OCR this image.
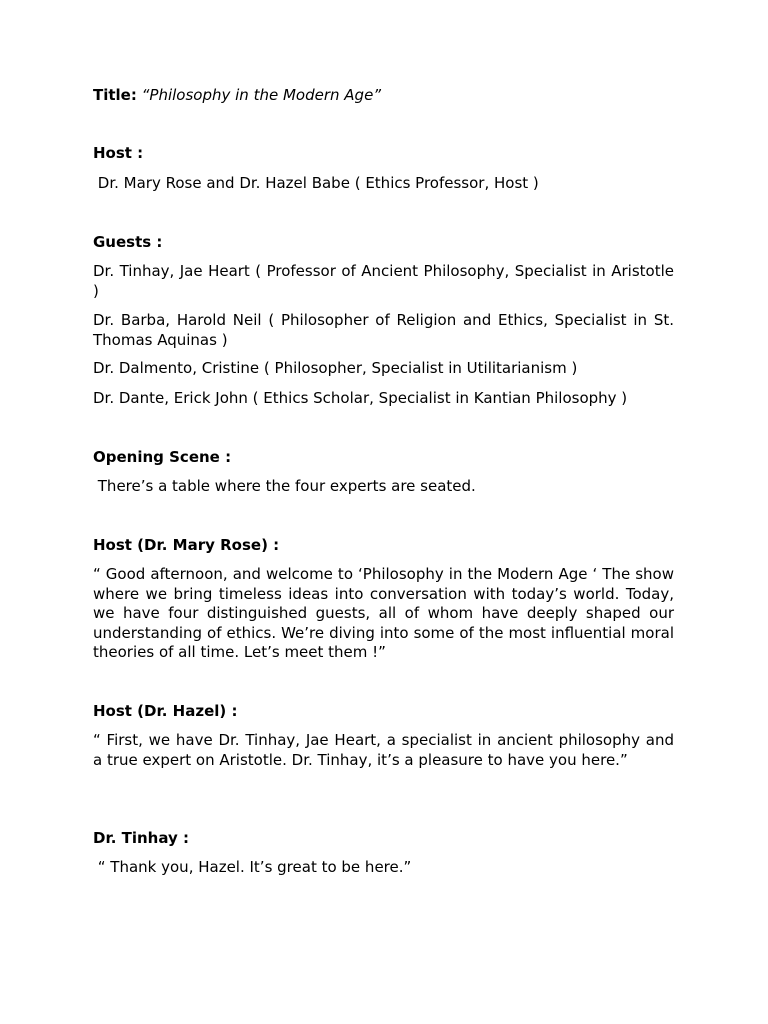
Title: “Philosophy in the Modern Age”
Host :
Dr. Mary Rose and Dr. Hazel Babe ( Ethics Professor, Host )
Guests :

Dr. Tinhay, Jae Heart ( Professor of Ancient Philosophy, Specialist in Aristotle )

Dr. Barba, Harold Neil ( Philosopher of Religion and Ethics, Specialist in St. Thomas Aquinas )

Dr. Dalmento, Cristine ( Philosopher, Specialist in Utilitarianism )

Dr. Dante, Erick John ( Ethics Scholar, Specialist in Kantian Philosophy )

Opening Scene :
There’s a table where the four experts are seated.
Host (Dr. Mary Rose) :

“ Good afternoon, and welcome to ‘Philosophy in the Modern Age ‘ The show where we bring timeless ideas into conversation with today’s world. Today, we have four distinguished guests, all of whom have deeply shaped our understanding of ethics. We’re diving into some of the most influential moral theories of all time. Let’s meet them !”

Host (Dr. Hazel) :

“ First, we have Dr. Tinhay, Jae Heart, a specialist in ancient philosophy and a true expert on Aristotle. Dr. Tinhay, it’s a pleasure to have you here.”

Dr. Tinhay :
“ Thank you, Hazel. It’s great to be here.”
